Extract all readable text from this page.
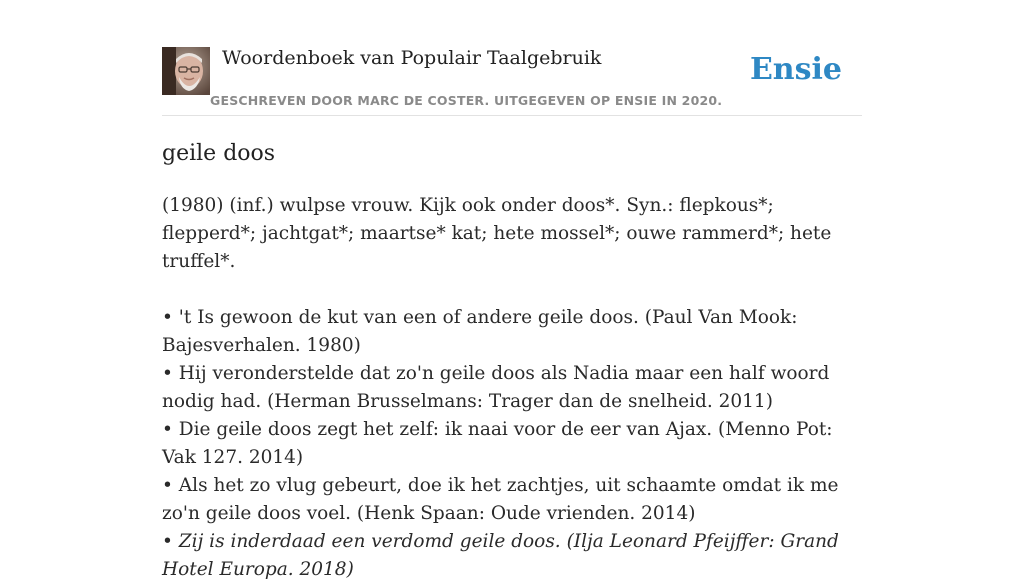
Woordenboek van Populair Taalgebruik
GESCHREVEN DOOR MARC DE COSTER. UITGEGEVEN OP ENSIE IN 2020.
Ensie
geile doos

(1980) (inf.) wulpse vrouw. Kijk ook onder doos*. Syn.: flepkous*; flepperd*; jachtgat*; maartse* kat; hete mossel*; ouwe rammerd*; hete truffel*.

• 't Is gewoon de kut van een of andere geile doos. (Paul Van Mook: Bajesverhalen. 1980)

• Hij veronderstelde dat zo'n geile doos als Nadia maar een half woord nodig had. (Herman Brusselmans: Trager dan de snelheid. 2011)

• Die geile doos zegt het zelf: ik naai voor de eer van Ajax. (Menno Pot: Vak 127. 2014)

• Als het zo vlug gebeurt, doe ik het zachtjes, uit schaamte omdat ik me zo'n geile doos voel. (Henk Spaan: Oude vrienden. 2014)

• Zij is inderdaad een verdomd geile doos. (Ilja Leonard Pfeijffer: Grand Hotel Europa. 2018)
